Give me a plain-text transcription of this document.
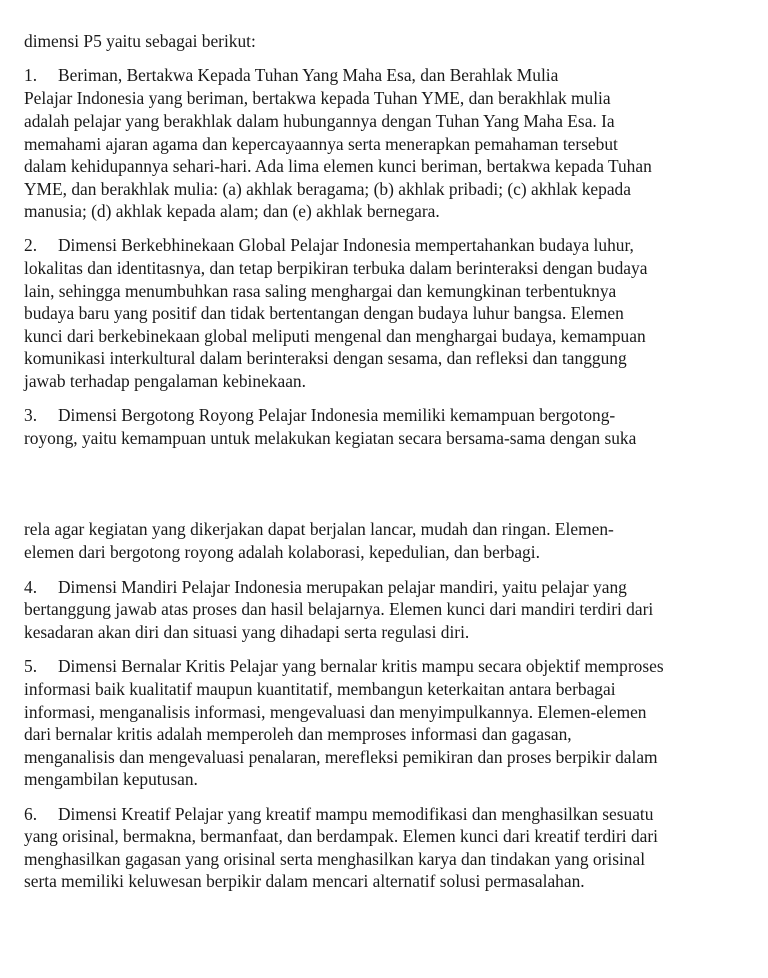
dimensi P5 yaitu sebagai berikut:
1. Beriman, Bertakwa Kepada Tuhan Yang Maha Esa, dan Berahlak Mulia
Pelajar Indonesia yang beriman, bertakwa kepada Tuhan YME, dan berakhlak mulia
adalah pelajar yang berakhlak dalam hubungannya dengan Tuhan Yang Maha Esa. Ia
memahami ajaran agama dan kepercayaannya serta menerapkan pemahaman tersebut
dalam kehidupannya sehari-hari. Ada lima elemen kunci beriman, bertakwa kepada Tuhan
YME, dan berakhlak mulia: (a) akhlak beragama; (b) akhlak pribadi; (c) akhlak kepada
manusia; (d) akhlak kepada alam; dan (e) akhlak bernegara.
2. Dimensi Berkebhinekaan Global Pelajar Indonesia mempertahankan budaya luhur,
lokalitas dan identitasnya, dan tetap berpikiran terbuka dalam berinteraksi dengan budaya
lain, sehingga menumbuhkan rasa saling menghargai dan kemungkinan terbentuknya
budaya baru yang positif dan tidak bertentangan dengan budaya luhur bangsa. Elemen
kunci dari berkebinekaan global meliputi mengenal dan menghargai budaya, kemampuan
komunikasi interkultural dalam berinteraksi dengan sesama, dan refleksi dan tanggung
jawab terhadap pengalaman kebinekaan.
3. Dimensi Bergotong Royong Pelajar Indonesia memiliki kemampuan bergotong-
royong, yaitu kemampuan untuk melakukan kegiatan secara bersama-sama dengan suka
rela agar kegiatan yang dikerjakan dapat berjalan lancar, mudah dan ringan. Elemen-
elemen dari bergotong royong adalah kolaborasi, kepedulian, dan berbagi.
4. Dimensi Mandiri Pelajar Indonesia merupakan pelajar mandiri, yaitu pelajar yang
bertanggung jawab atas proses dan hasil belajarnya. Elemen kunci dari mandiri terdiri dari
kesadaran akan diri dan situasi yang dihadapi serta regulasi diri.
5. Dimensi Bernalar Kritis Pelajar yang bernalar kritis mampu secara objektif memproses
informasi baik kualitatif maupun kuantitatif, membangun keterkaitan antara berbagai
informasi, menganalisis informasi, mengevaluasi dan menyimpulkannya. Elemen-elemen
dari bernalar kritis adalah memperoleh dan memproses informasi dan gagasan,
menganalisis dan mengevaluasi penalaran, merefleksi pemikiran dan proses berpikir dalam
mengambilan keputusan.
6. Dimensi Kreatif Pelajar yang kreatif mampu memodifikasi dan menghasilkan sesuatu
yang orisinal, bermakna, bermanfaat, dan berdampak. Elemen kunci dari kreatif terdiri dari
menghasilkan gagasan yang orisinal serta menghasilkan karya dan tindakan yang orisinal
serta memiliki keluwesan berpikir dalam mencari alternatif solusi permasalahan.
